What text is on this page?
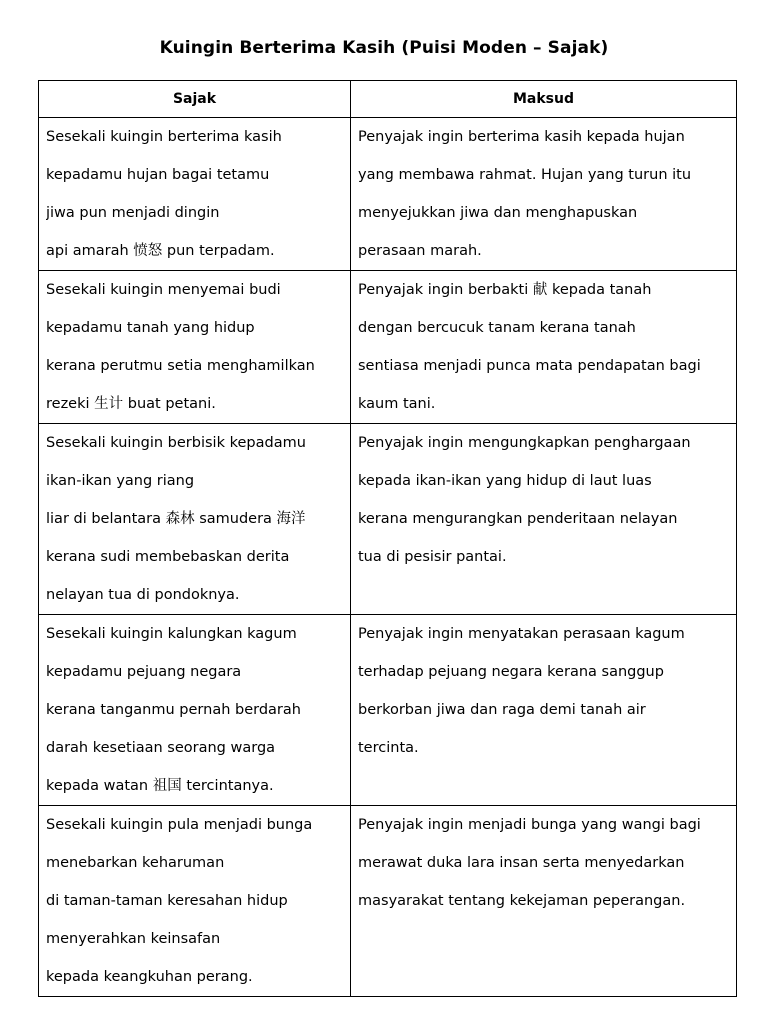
Kuingin Berterima Kasih (Puisi Moden – Sajak)
Sajak	Maksud

Sesekali kuingin berterima kasih
kepadamu hujan bagai tetamu
jiwa pun menjadi dingin
api amarah 愤怒 pun terpadam.	Penyajak ingin berterima kasih kepada hujan
yang membawa rahmat. Hujan yang turun itu
menyejukkan jiwa dan menghapuskan
perasaan marah.

Sesekali kuingin menyemai budi
kepadamu tanah yang hidup
kerana perutmu setia menghamilkan
rezeki 生计 buat petani.	Penyajak ingin berbakti 献 kepada tanah
dengan bercucuk tanam kerana tanah
sentiasa menjadi punca mata pendapatan bagi
kaum tani.

Sesekali kuingin berbisik kepadamu
ikan-ikan yang riang
liar di belantara 森林 samudera 海洋
kerana sudi membebaskan derita
nelayan tua di pondoknya.	Penyajak ingin mengungkapkan penghargaan
kepada ikan-ikan yang hidup di laut luas
kerana mengurangkan penderitaan nelayan
tua di pesisir pantai.

Sesekali kuingin kalungkan kagum
kepadamu pejuang negara
kerana tanganmu pernah berdarah
darah kesetiaan seorang warga
kepada watan 祖国 tercintanya.	Penyajak ingin menyatakan perasaan kagum
terhadap pejuang negara kerana sanggup
berkorban jiwa dan raga demi tanah air
tercinta.

Sesekali kuingin pula menjadi bunga
menebarkan keharuman
di taman-taman keresahan hidup
menyerahkan keinsafan
kepada keangkuhan perang.	Penyajak ingin menjadi bunga yang wangi bagi
merawat duka lara insan serta menyedarkan
masyarakat tentang kekejaman peperangan.
